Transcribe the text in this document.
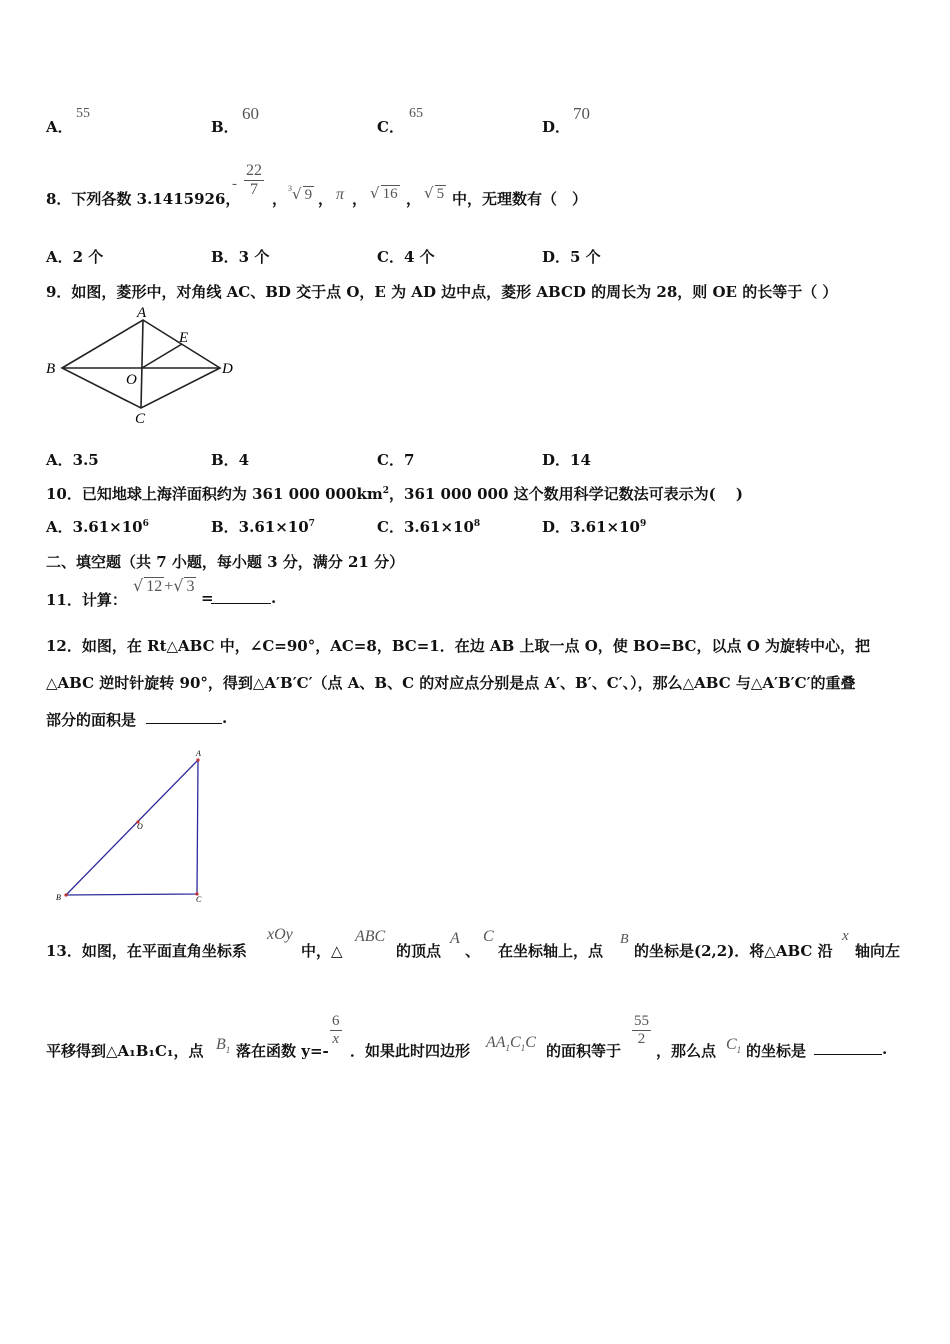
A．
55
B．
60
C．
65
D．
70
8．下列各数 3.1415926，
- $\frac{22}{7}$ ，
$^3$√ 9 ， π ， √ 16 ， √ 5 中，无理数有（　）
A．2 个	B．3 个	C．4 个	D．5 个
9．如图，菱形中，对角线 AC、BD 交于点 O，E 为 AD 边中点，菱形 ABCD 的周长为 28，则 OE 的长等于（ ）
A
B
C
D
E
O
A．3.5	B．4	C．7	D．14
10．已知地球上海洋面积约为 361 000 $000km^2$，361 000 000 这个数用科学记数法可表示为(　 )
A．$3.61\times 10^6$	B．$3.61\times 10^7$	C．$3.61\times 10^8$	D．$3.61\times 10^9$
二、填空题（共 7 小题，每小题 3 分，满分 21 分）
11．计算：
√ 12 +√ 3
=	.
12．如图，在 Rt△ABC 中，∠C=90°，AC=8，BC=1．在边 AB 上取一点 O，使 BO=BC，以点 O 为旋转中心，把
△ABC 逆时针旋转 90°，得到△A′B′C′（点 A、B、C 的对应点分别是点 A′、B′、C′、），那么△ABC 与△A′B′C′的重叠
部分的面积是	.
A
B	C
O
13．如图，在平面直角坐标系
xOy
中，△
ABC
的顶点
A
、
C
在坐标轴上，点
B
的坐标是(2,2)．将△ABC 沿
x
轴向左
平移得到△A₁B₁C₁，点 $B_1$ 落在函数 y=-
$\frac{6}{x}$
．如果此时四边形 $AA_1C_1C$ 的面积等于
$\frac{55}{2}$
，那么点 $C_1$ 的坐标是	.
